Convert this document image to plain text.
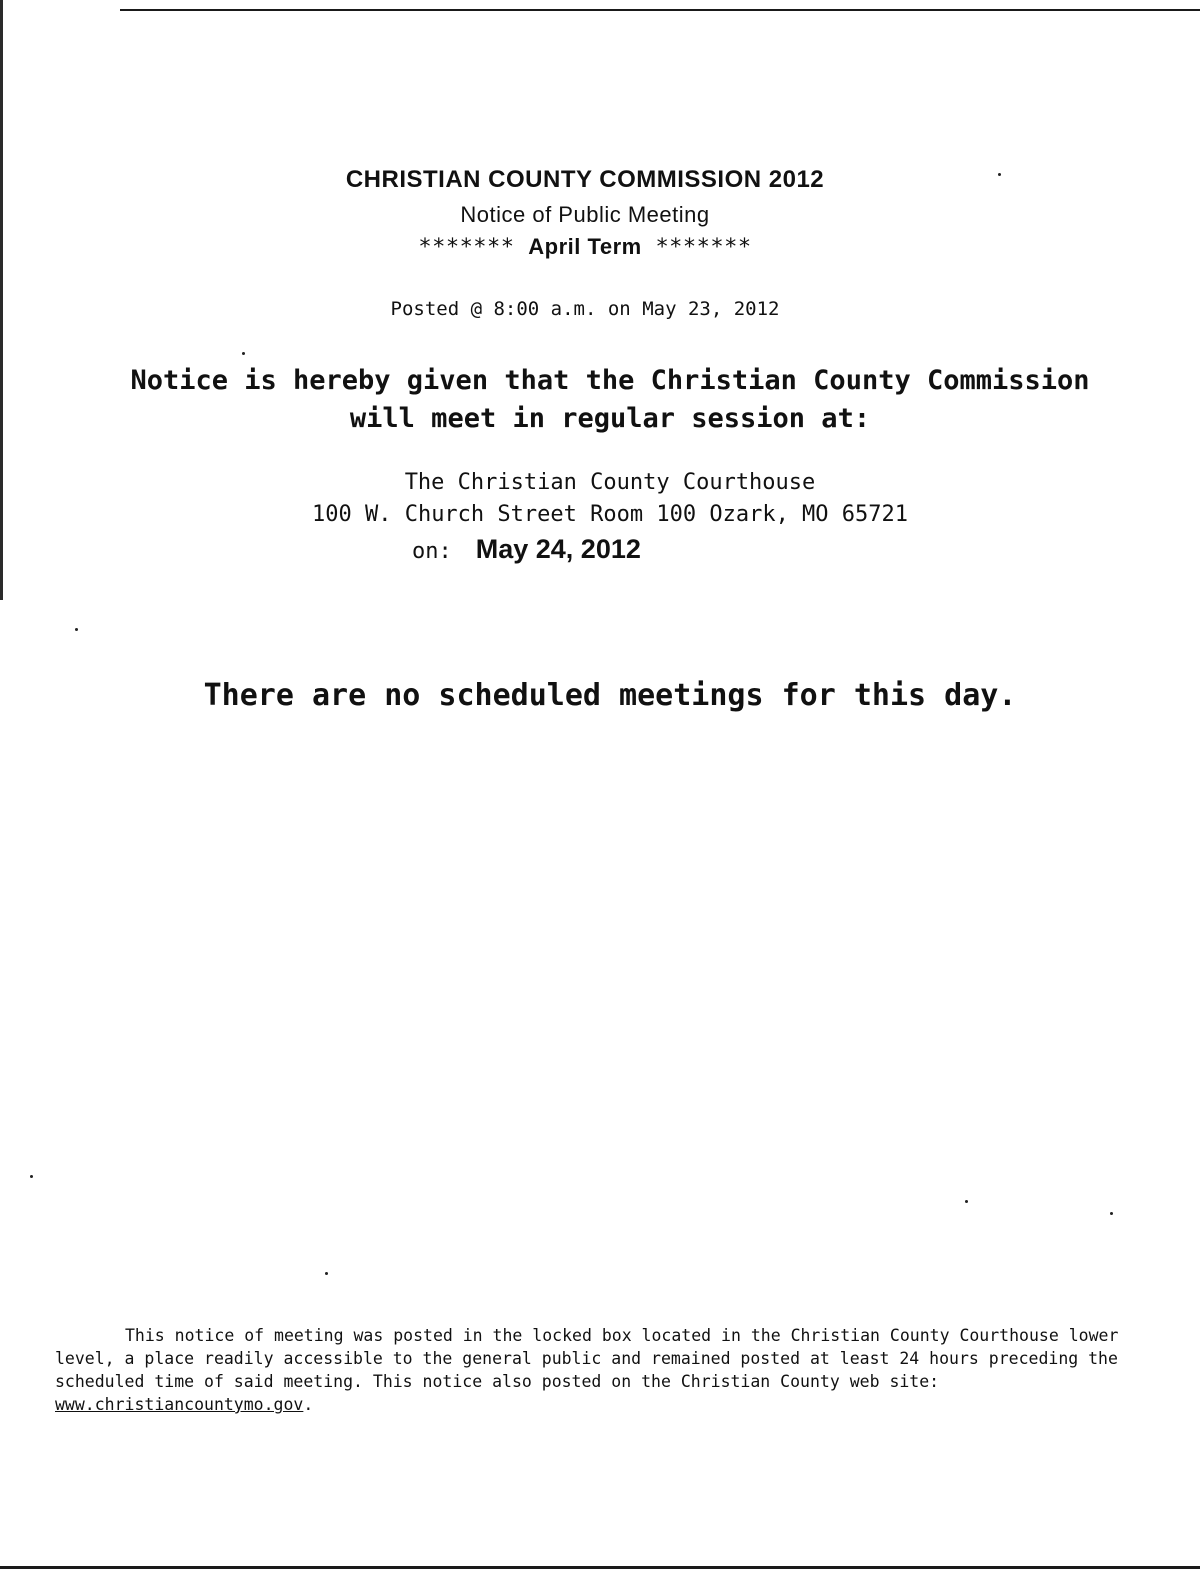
CHRISTIAN COUNTY COMMISSION 2012
Notice of Public Meeting
******* April Term *******
Posted @ 8:00 a.m. on May 23, 2012
Notice is hereby given that the Christian County Commission
will meet in regular session at:
The Christian County Courthouse
100 W. Church Street Room 100 Ozark, MO 65721
on: May 24, 2012
There are no scheduled meetings for this day.
This notice of meeting was posted in the locked box located in the Christian County Courthouse lower level, a place readily accessible to the general public and remained posted at least 24 hours preceding the scheduled time of said meeting. This notice also posted on the Christian County web site: www.christiancountymo.gov.
